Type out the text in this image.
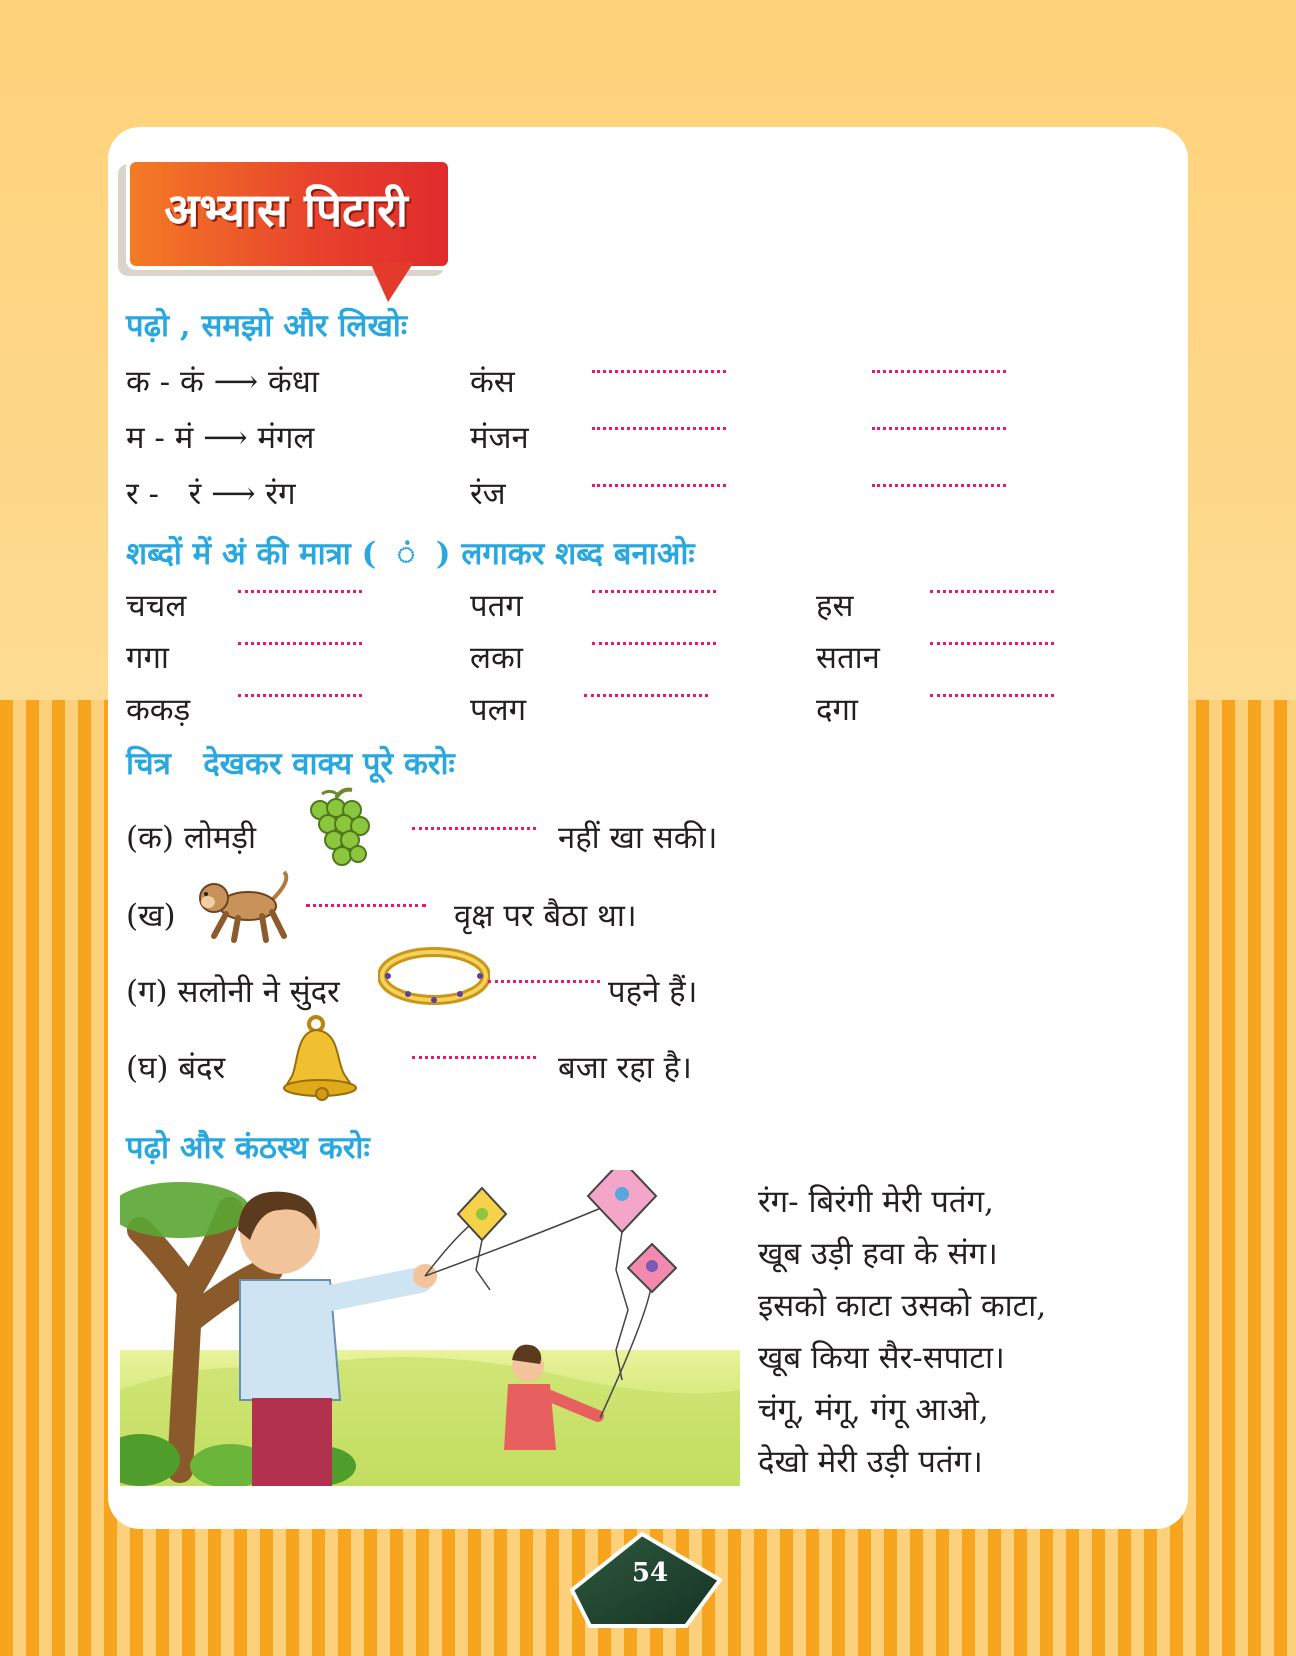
अभ्यास पिटारी
पढ़ो , समझो और लिखोः
क - कं ⟶ कंधा	कंस
म - मं ⟶ मंगल	मंजन
र -   रं ⟶ रंग	रंज
शब्दों में अं की मात्रा ( ं ) लगाकर शब्द बनाओः
चचल	पतग	हस
गगा	लका	सतान
ककड़	पलग	दगा
चित्र   देखकर वाक्य पूरे करोः
(क) लोमड़ी	नहीं खा सकी।
(ख)	वृक्ष पर बैठा था।
(ग) सलोनी ने सुंदर	पहने हैं।
(घ) बंदर	बजा रहा है।
पढ़ो और कंठस्थ करोः
रंग- बिरंगी मेरी पतंग,
खूब उड़ी हवा के संग।
इसको काटा उसको काटा,
खूब किया सैर-सपाटा।
चंगू, मंगू, गंगू आओ,
देखो मेरी उड़ी पतंग।
54
